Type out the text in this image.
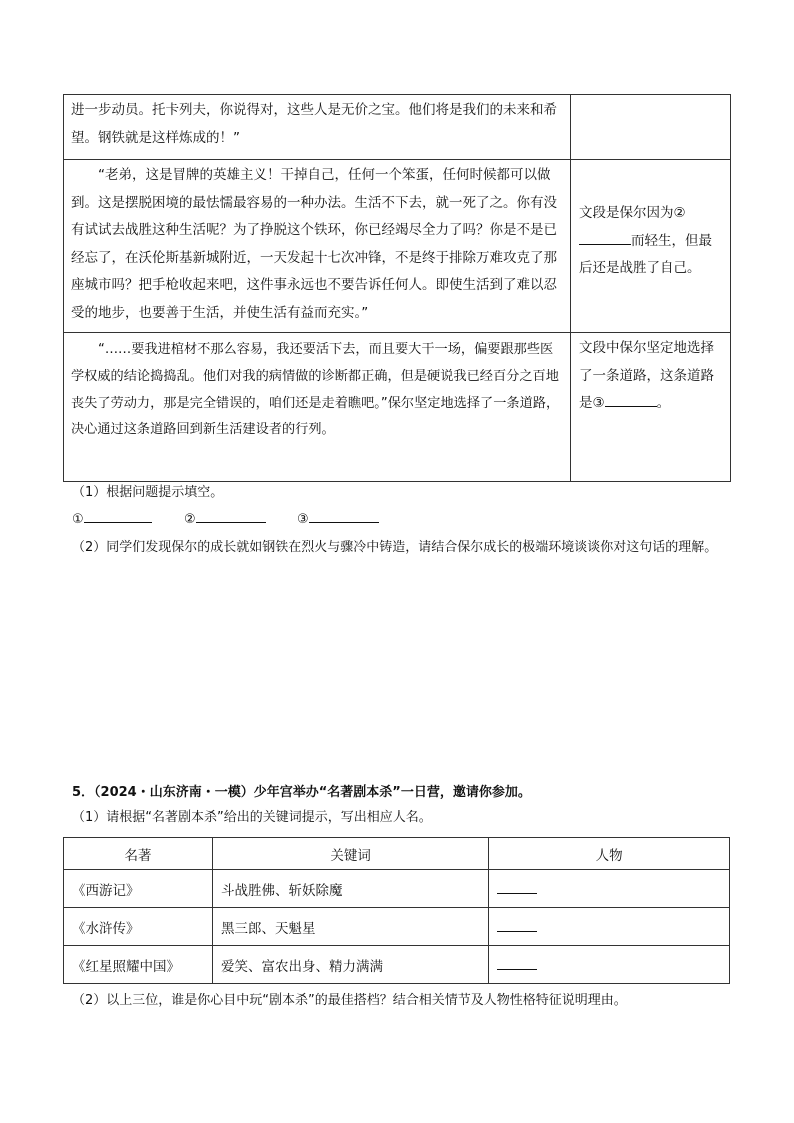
进一步动员。托卡列夫，你说得对，这些人是无价之宝。他们将是我们的未来和希望。钢铁就是这样炼成的！”	

“老弟，这是冒牌的英雄主义！干掉自己，任何一个笨蛋，任何时候都可以做到。这是摆脱困境的最怯懦最容易的一种办法。生活不下去，就一死了之。你有没有试试去战胜这种生活呢？为了挣脱这个铁环，你已经竭尽全力了吗？你是不是已经忘了，在沃伦斯基新城附近，一天发起十七次冲锋，不是终于排除万难攻克了那座城市吗？把手枪收起来吧，这件事永远也不要告诉任何人。即使生活到了难以忍受的地步，也要善于生活，并使生活有益而充实。”	文段是保尔因为②
而轻生，但最后还是战胜了自己。

“……要我进棺材不那么容易，我还要活下去，而且要大干一场，偏要跟那些医学权威的结论捣捣乱。他们对我的病情做的诊断都正确，但是硬说我已经百分之百地丧失了劳动力，那是完全错误的，咱们还是走着瞧吧。”保尔坚定地选择了一条道路，决心通过这条道路回到新生活建设者的行列。	文段中保尔坚定地选择了一条道路，这条道路是③ 。

（1）根据问题提示填空。
①	②	③
（2）同学们发现保尔的成长就如钢铁在烈火与骤冷中铸造，请结合保尔成长的极端环境谈谈你对这句话的理解。
5．（2024・山东济南・一模）少年宫举办“名著剧本杀”一日营，邀请你参加。
（1）请根据“名著剧本杀”给出的关键词提示，写出相应人名。
名著	关键词	人物
《西游记》	斗战胜佛、斩妖除魔	
《水浒传》	黑三郎、天魁星	
《红星照耀中国》	爱笑、富农出身、精力满满	
（2）以上三位，谁是你心目中玩“剧本杀”的最佳搭档？结合相关情节及人物性格特征说明理由。
